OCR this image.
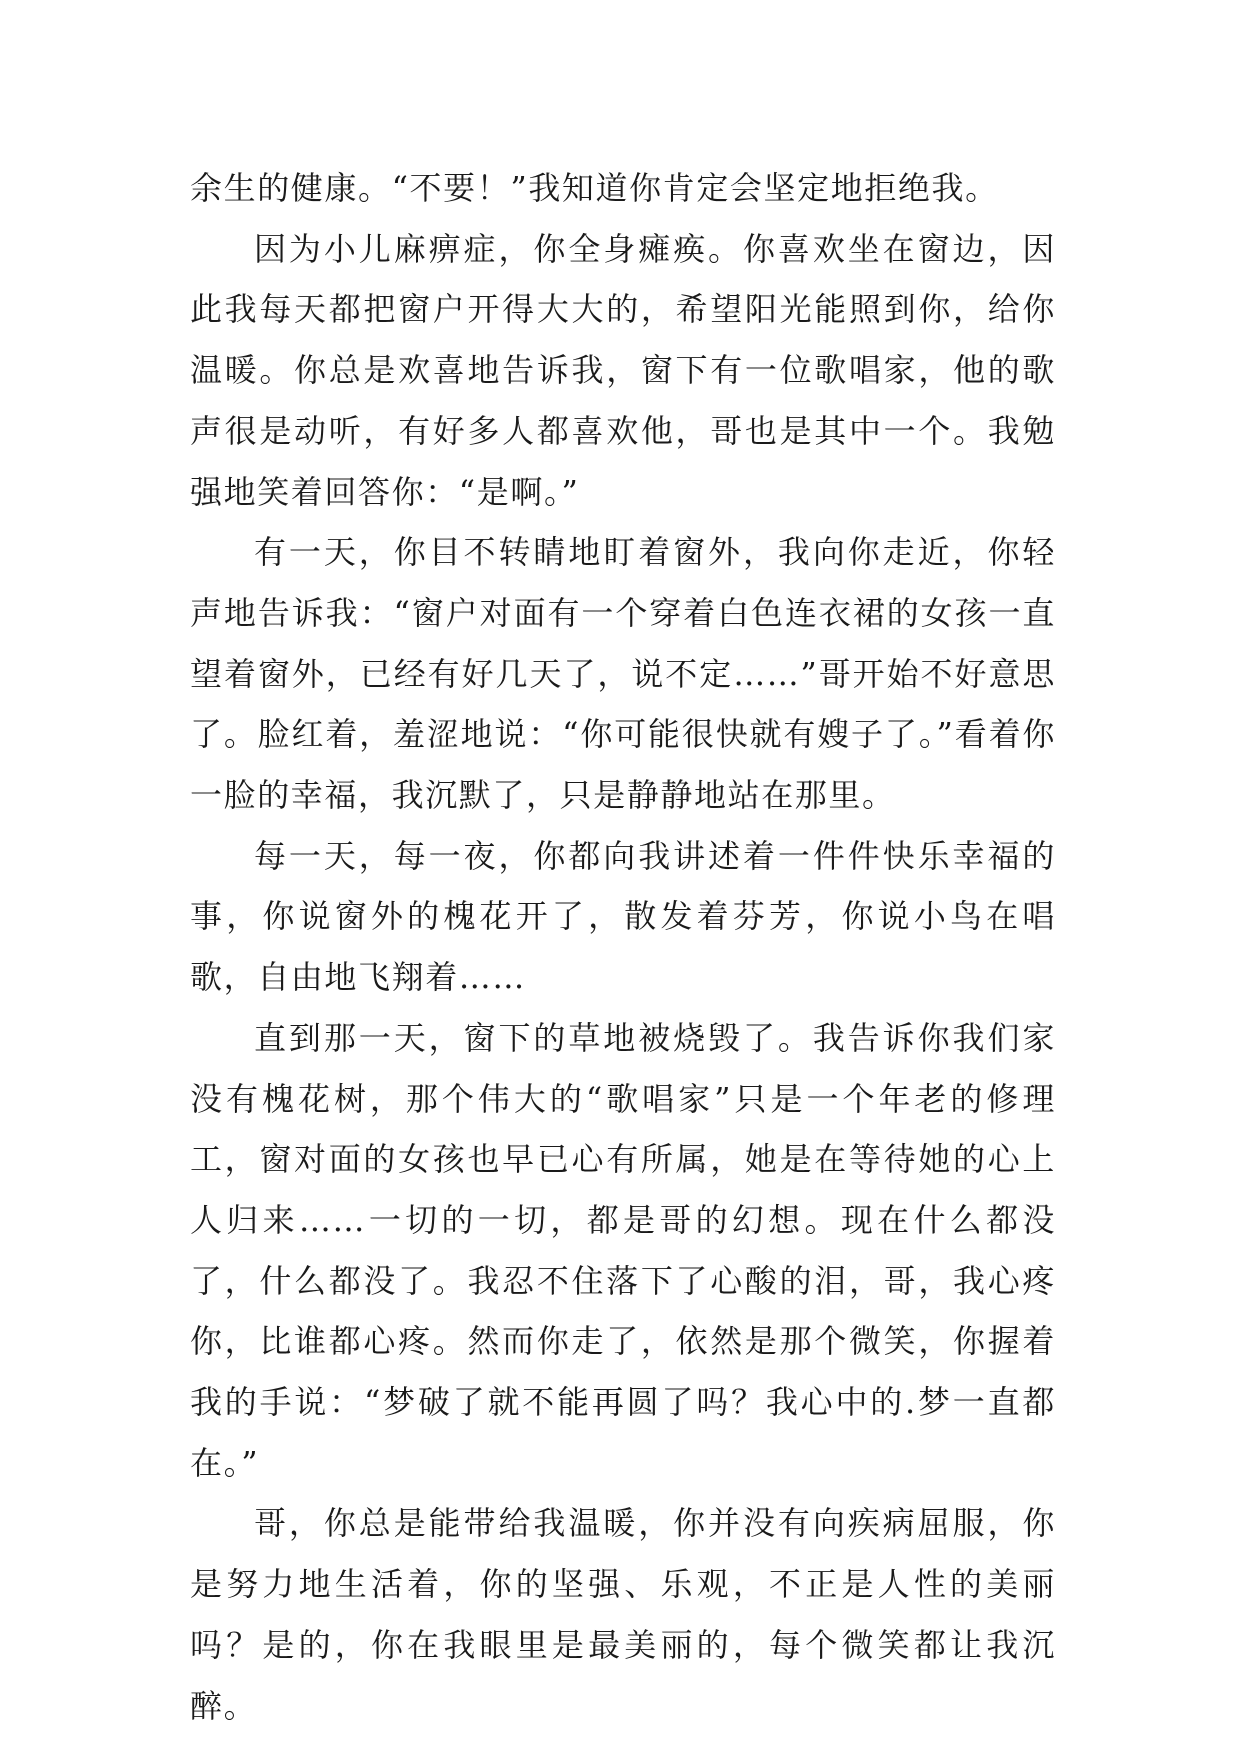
余生的健康。“不要！”我知道你肯定会坚定地拒绝我。

因为小儿麻痹症，你全身瘫痪。你喜欢坐在窗边，因此我每天都把窗户开得大大的，希望阳光能照到你，给你温暖。你总是欢喜地告诉我，窗下有一位歌唱家，他的歌声很是动听，有好多人都喜欢他，哥也是其中一个。我勉强地笑着回答你：“是啊。”

有一天，你目不转睛地盯着窗外，我向你走近，你轻声地告诉我：“窗户对面有一个穿着白色连衣裙的女孩一直望着窗外，已经有好几天了，说不定……”哥开始不好意思了。脸红着，羞涩地说：“你可能很快就有嫂子了。”看着你一脸的幸福，我沉默了，只是静静地站在那里。

每一天，每一夜，你都向我讲述着一件件快乐幸福的事，你说窗外的槐花开了，散发着芬芳，你说小鸟在唱歌，自由地飞翔着……

直到那一天，窗下的草地被烧毁了。我告诉你我们家没有槐花树，那个伟大的“歌唱家”只是一个年老的修理工，窗对面的女孩也早已心有所属，她是在等待她的心上人归来……一切的一切，都是哥的幻想。现在什么都没了，什么都没了。我忍不住落下了心酸的泪，哥，我心疼你，比谁都心疼。然而你走了，依然是那个微笑，你握着我的手说：“梦破了就不能再圆了吗？我心中的.梦一直都在。”

哥，你总是能带给我温暖，你并没有向疾病屈服，你是努力地生活着，你的坚强、乐观，不正是人性的美丽吗？是的，你在我眼里是最美丽的，每个微笑都让我沉醉。
